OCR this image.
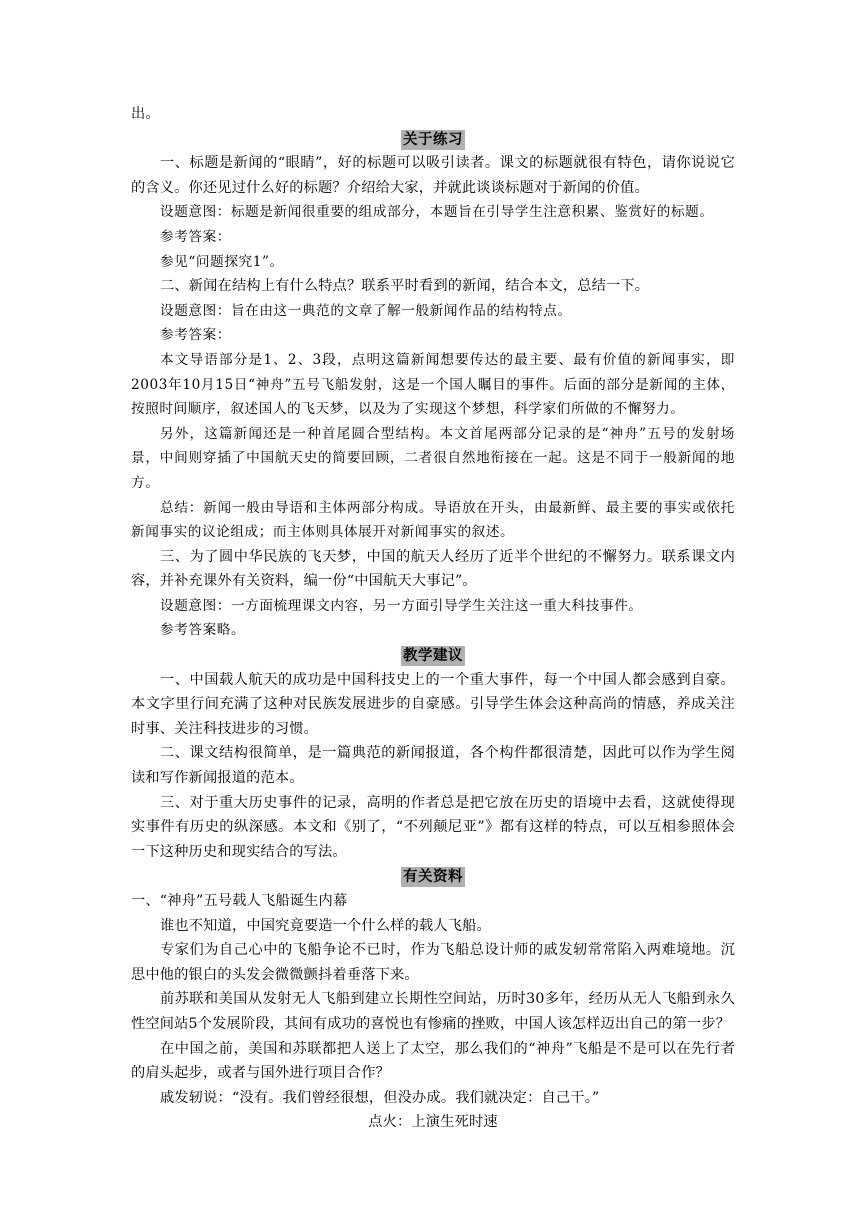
出。

关于练习

一、标题是新闻的“眼睛”，好的标题可以吸引读者。课文的标题就很有特色，请你说说它的含义。你还见过什么好的标题？介绍给大家，并就此谈谈标题对于新闻的价值。

设题意图：标题是新闻很重要的组成部分，本题旨在引导学生注意积累、鉴赏好的标题。

参考答案：

参见“问题探究1”。

二、新闻在结构上有什么特点？联系平时看到的新闻，结合本文，总结一下。

设题意图：旨在由这一典范的文章了解一般新闻作品的结构特点。

参考答案：

本文导语部分是1、2、3段，点明这篇新闻想要传达的最主要、最有价值的新闻事实，即2003年10月15日“神舟”五号飞船发射，这是一个国人瞩目的事件。后面的部分是新闻的主体，按照时间顺序，叙述国人的飞天梦，以及为了实现这个梦想，科学家们所做的不懈努力。

另外，这篇新闻还是一种首尾圆合型结构。本文首尾两部分记录的是“神舟”五号的发射场景，中间则穿插了中国航天史的简要回顾，二者很自然地衔接在一起。这是不同于一般新闻的地方。

总结：新闻一般由导语和主体两部分构成。导语放在开头，由最新鲜、最主要的事实或依托新闻事实的议论组成；而主体则具体展开对新闻事实的叙述。

三、为了圆中华民族的飞天梦，中国的航天人经历了近半个世纪的不懈努力。联系课文内容，并补充课外有关资料，编一份“中国航天大事记”。

设题意图：一方面梳理课文内容，另一方面引导学生关注这一重大科技事件。

参考答案略。

教学建议

一、中国载人航天的成功是中国科技史上的一个重大事件，每一个中国人都会感到自豪。本文字里行间充满了这种对民族发展进步的自豪感。引导学生体会这种高尚的情感，养成关注时事、关注科技进步的习惯。

二、课文结构很简单，是一篇典范的新闻报道，各个构件都很清楚，因此可以作为学生阅读和写作新闻报道的范本。

三、对于重大历史事件的记录，高明的作者总是把它放在历史的语境中去看，这就使得现实事件有历史的纵深感。本文和《别了，“不列颠尼亚”》都有这样的特点，可以互相参照体会一下这种历史和现实结合的写法。

有关资料

一、“神舟”五号载人飞船诞生内幕

谁也不知道，中国究竟要造一个什么样的载人飞船。

专家们为自己心中的飞船争论不已时，作为飞船总设计师的戚发轫常常陷入两难境地。沉思中他的银白的头发会微微颤抖着垂落下来。

前苏联和美国从发射无人飞船到建立长期性空间站，历时30多年，经历从无人飞船到永久性空间站5个发展阶段，其间有成功的喜悦也有惨痛的挫败，中国人该怎样迈出自己的第一步？

在中国之前，美国和苏联都把人送上了太空，那么我们的“神舟”飞船是不是可以在先行者的肩头起步，或者与国外进行项目合作？

戚发轫说：“没有。我们曾经很想，但没办成。我们就决定：自己干。”

点火：上演生死时速
